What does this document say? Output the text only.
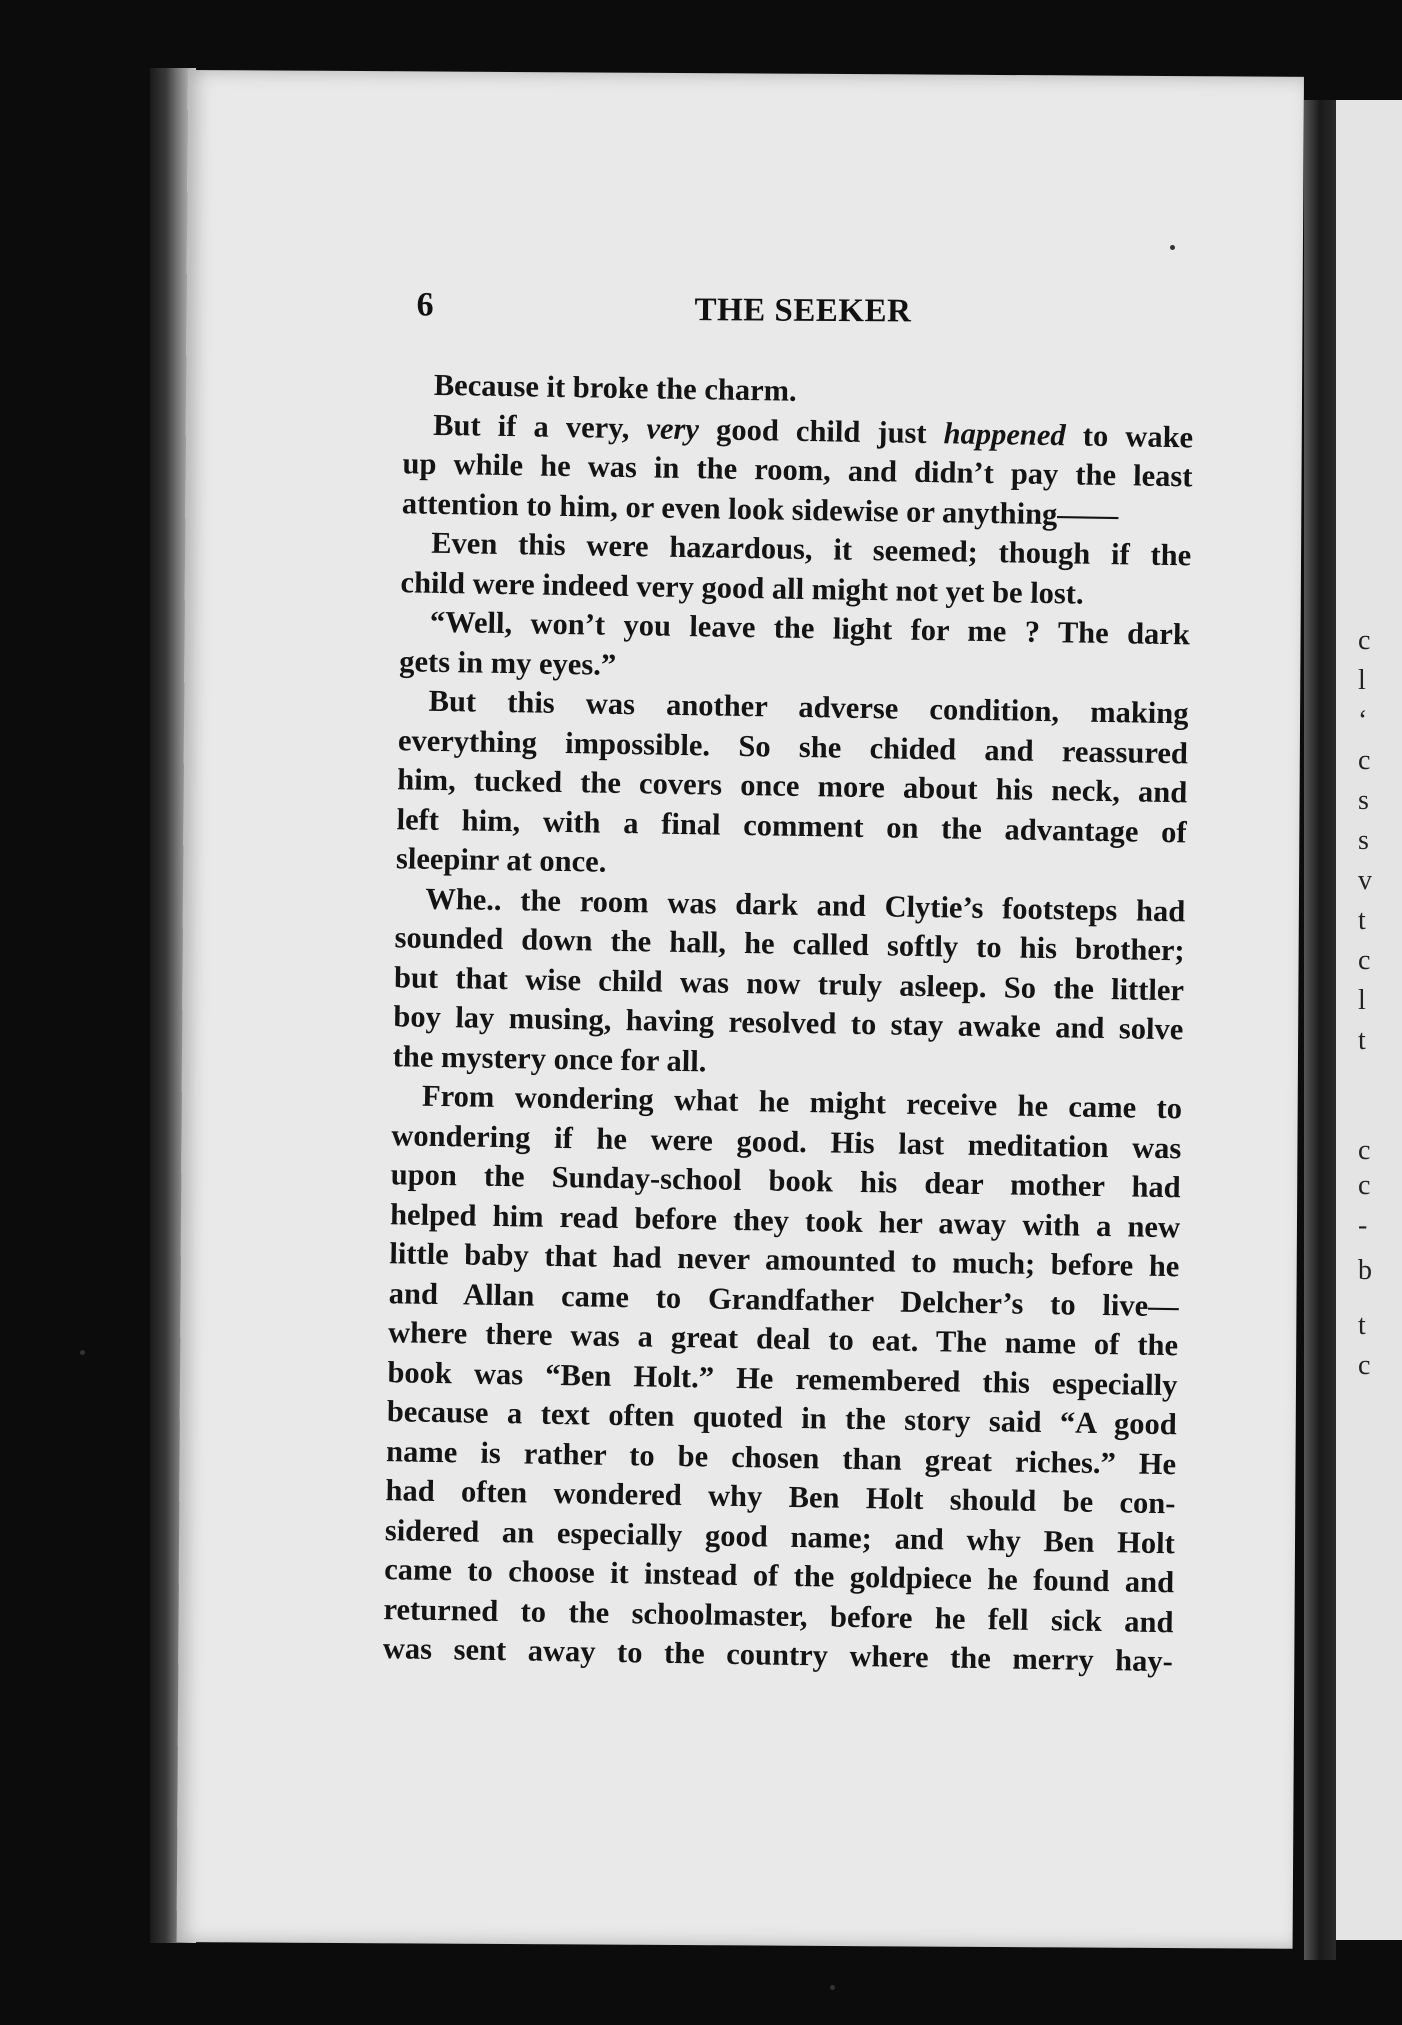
6	THE SEEKER
Because it broke the charm.
But if a very, very good child just happened to wake
up while he was in the room, and didn’t pay the least
attention to him, or even look sidewise or anything——
Even this were hazardous, it seemed; though if the
child were indeed very good all might not yet be lost.
“Well, won’t you leave the light for me ? The dark
gets in my eyes.”
But this was another adverse condition, making
everything impossible. So she chided and reassured
him, tucked the covers once more about his neck, and
left him, with a final comment on the advantage of
sleepinr at once.
Whe.. the room was dark and Clytie’s footsteps had
sounded down the hall, he called softly to his brother;
but that wise child was now truly asleep. So the littler
boy lay musing, having resolved to stay awake and solve
the mystery once for all.
From wondering what he might receive he came to
wondering if he were good. His last meditation was
upon the Sunday-school book his dear mother had
helped him read before they took her away with a new
little baby that had never amounted to much; before he
and Allan came to Grandfather Delcher’s to live—
where there was a great deal to eat. The name of the
book was “Ben Holt.” He remembered this especially
because a text often quoted in the story said “A good
name is rather to be chosen than great riches.” He
had often wondered why Ben Holt should be con-
sidered an especially good name; and why Ben Holt
came to choose it instead of the goldpiece he found and
returned to the schoolmaster, before he fell sick and
was sent away to the country where the merry hay-
c
l
‘
c
s
s
v
t
c
l
t
c
c
-
b
t
c
